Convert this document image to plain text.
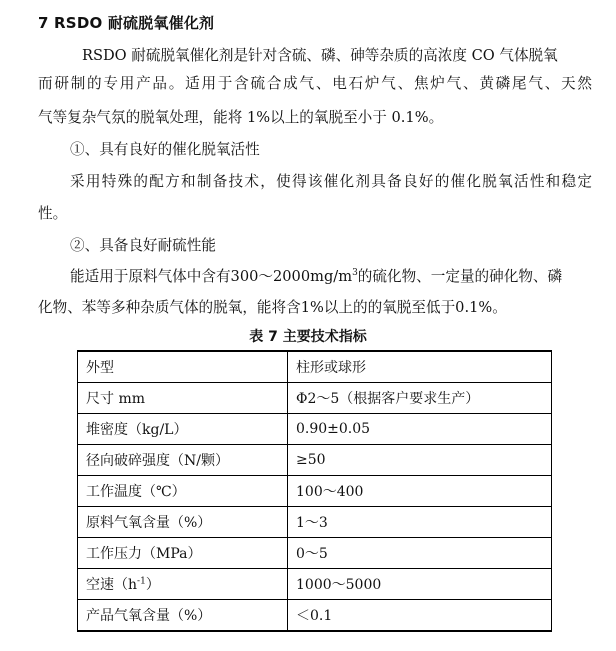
7 RSDO 耐硫脱氧催化剂
RSDO 耐硫脱氧催化剂是针对含硫、磷、砷等杂质的高浓度 CO 气体脱氧
而研制的专用产品。适用于含硫合成气、电石炉气、焦炉气、黄磷尾气、天然
气等复杂气氛的脱氧处理，能将 1%以上的氧脱至小于 0.1%。
①、具有良好的催化脱氧活性
采用特殊的配方和制备技术，使得该催化剂具备良好的催化脱氧活性和稳定
性。
②、具备良好耐硫性能
能适用于原料气体中含有$300\sim 2000mg/m^3$的硫化物、一定量的砷化物、磷
化物、苯等多种杂质气体的脱氧，能将含1%以上的的氧脱至低于0.1%。
表 7 主要技术指标
外型	柱形或球形
尺寸 mm	Φ2～5（根据客户要求生产）
堆密度（kg/L）	0.90±0.05
径向破碎强度（N/颗）	≥50
工作温度（℃）	100～400
原料气氧含量（%）	1～3
工作压力（MPa）	0～5
空速$(h^{-1})$	1000～5000
产品气氧含量（%）	＜0.1
